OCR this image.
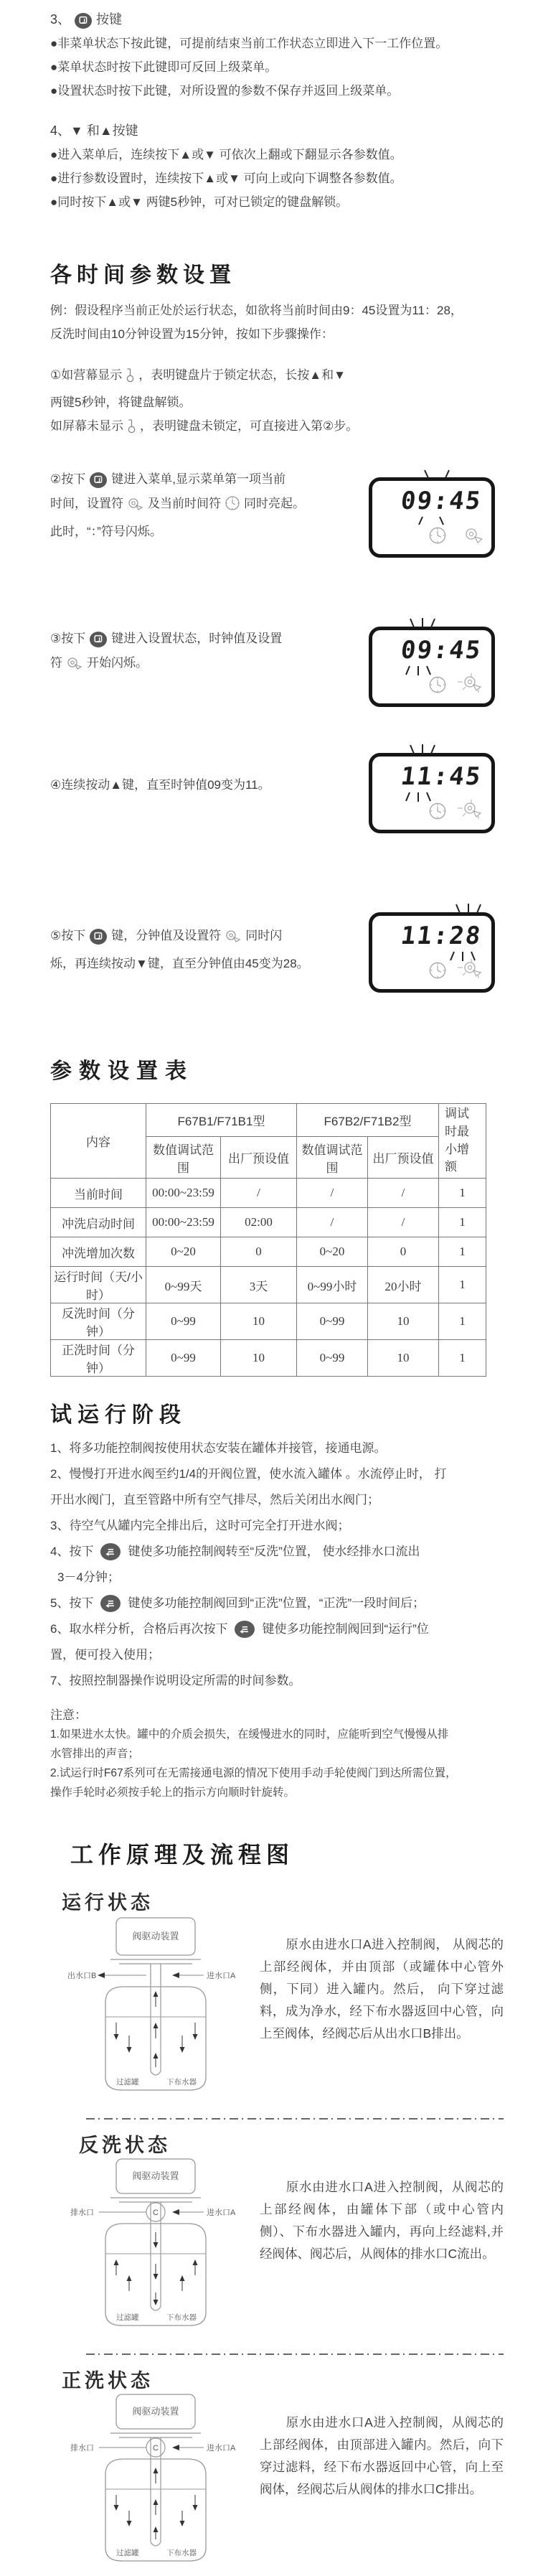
3、 按键
●非菜单状态下按此键，可提前结束当前工作状态立即进入下一工作位置。
●菜单状态时按下此键即可反回上级菜单。
●设置状态时按下此键，对所设置的参数不保存并返回上级菜单。
4、▼ 和▲按键
●进入菜单后，连续按下▲或▼ 可依次上翻或下翻显示各参数值。
●进行参数设置时，连续按下▲或▼ 可向上或向下调整各参数值。
●同时按下▲或▼ 两键5秒钟，可对已锁定的键盘解锁。
各时间参数设置
例：假设程序当前正处於运行状态，如欲将当前时间由9：45设置为11：28，
反洗时间由10分钟设置为15分钟，按如下步骤操作：
①如营幕显示 ，表明键盘片于锁定状态，长按▲和▼
两键5秒钟，将键盘解锁。
如屏幕未显示 ，表明键盘未锁定，可直接进入第②步。
②按下 键进入菜单,显示菜单第一项当前
时间，设置符 及当前时间符 同时亮起。
此时，“：”符号闪烁。
09:45
③按下 键进入设置状态，时钟值及设置
符 开始闪烁。	09:45
④连续按动▲键，直至时钟值09变为11。	11:45
⑤按下 键，分钟值及设置符 同时闪
烁，再连续按动▼键，直至分钟值由45变为28。
11:28
参数设置表
内容	F67B1/F71B1型		F67B2/F71B2型		调试时最小增额
	数值调试范围	出厂预设值	数值调试范围	出厂预设值	
当前时间	00:00~23:59	/	/	/	1
冲洗启动时间	00:00~23:59	02:00	/	/	1
冲洗增加次数	0~20	0	0~20	0	1
运行时间（天/小时）	0~99天	3天	0~99小时	20小时	1
反洗时间（分钟）	0~99	10	0~99	10	1
正洗时间（分钟）	0~99	10	0~99	10	1
试运行阶段
1、将多功能控制阀按使用状态安装在罐体并接管，接通电源。
2、慢慢打开进水阀至约1/4的开阀位置，使水流入罐体 。水流停止时， 打
开出水阀门，直至管路中所有空气排尽，然后关闭出水阀门；
3、待空气从罐内完全排出后，这时可完全打开进水阀；
4、按下	键使多功能控制阀转至“反洗”位置， 使水经排水口流出
3－4分钟；
5、按下	键使多功能控制阀回到“正洗”位置，“正洗”一段时间后；
6、取水样分析，合格后再次按下	键使多功能控制阀回到“运行”位
置，便可投入使用；
7、按照控制器操作说明设定所需的时间参数。
注意：
1.如果进水太快。罐中的介质会损失，在缓慢进水的同时，应能听到空气慢慢从排
水管排出的声音；
2.试运行时F67系列可在无需接通电源的情况下使用手动手轮使阀门到达所需位置，
操作手轮时必须按手轮上的指示方向顺时针旋转。
工作原理及流程图
运行状态
阀驱动装置
出水口B	进水口A
过滤罐	下布水器
原水由进水口A进入控制阀， 从阀芯的上部经阀体，并由顶部（或罐体中心管外侧，下同）进入罐内。然后， 向下穿过滤料，成为净水，经下布水器返回中心管，向上至阀体，经阀芯后从出水口B排出。
反洗状态
阀驱动装置
C
排水口	进水口A
过滤罐	下布水器
原水由进水口A进入控制阀，从阀芯的上部经阀体，由罐体下部（或中心管内侧）、下布水器进入罐内，再向上经滤料,并经阀体、阀芯后，从阀体的排水口C流出。
正洗状态
阀驱动装置
C
排水口	进水口A
过滤罐	下布水器
原水由进水口A进入控制阀，从阀芯的上部经阀体，由顶部进入罐内。然后，向下穿过滤料，经下布水器返回中心管，向上至阀体，经阀芯后从阀体的排水口C排出。
